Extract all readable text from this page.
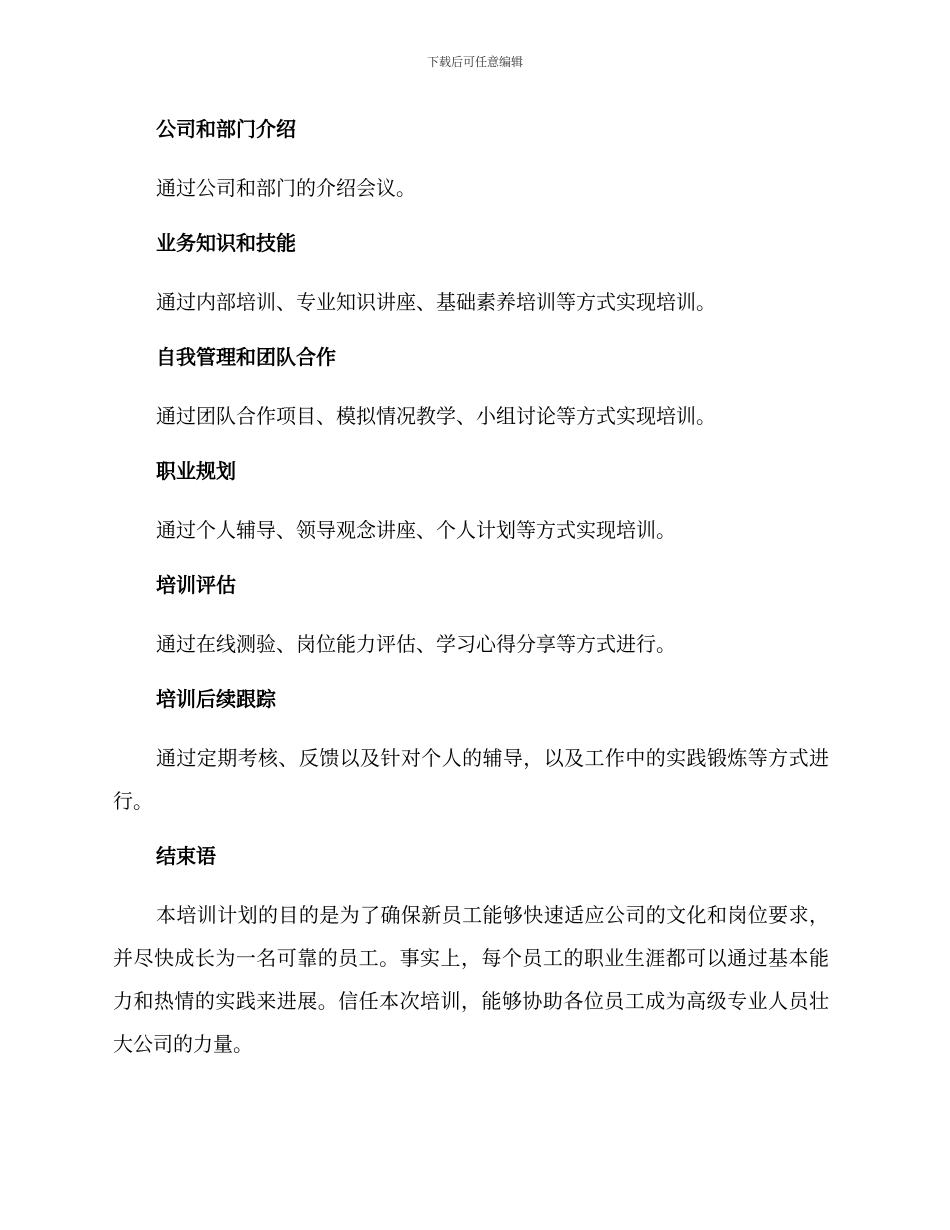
下载后可任意编辑
公司和部门介绍

通过公司和部门的介绍会议。

业务知识和技能

通过内部培训、专业知识讲座、基础素养培训等方式实现培训。

自我管理和团队合作

通过团队合作项目、模拟情况教学、小组讨论等方式实现培训。

职业规划

通过个人辅导、领导观念讲座、个人计划等方式实现培训。

培训评估

通过在线测验、岗位能力评估、学习心得分享等方式进行。

培训后续跟踪

通过定期考核、反馈以及针对个人的辅导，以及工作中的实践锻炼等方式进行。

结束语

本培训计划的目的是为了确保新员工能够快速适应公司的文化和岗位要求，并尽快成长为一名可靠的员工。事实上，每个员工的职业生涯都可以通过基本能力和热情的实践来进展。信任本次培训，能够协助各位员工成为高级专业人员壮大公司的力量。
